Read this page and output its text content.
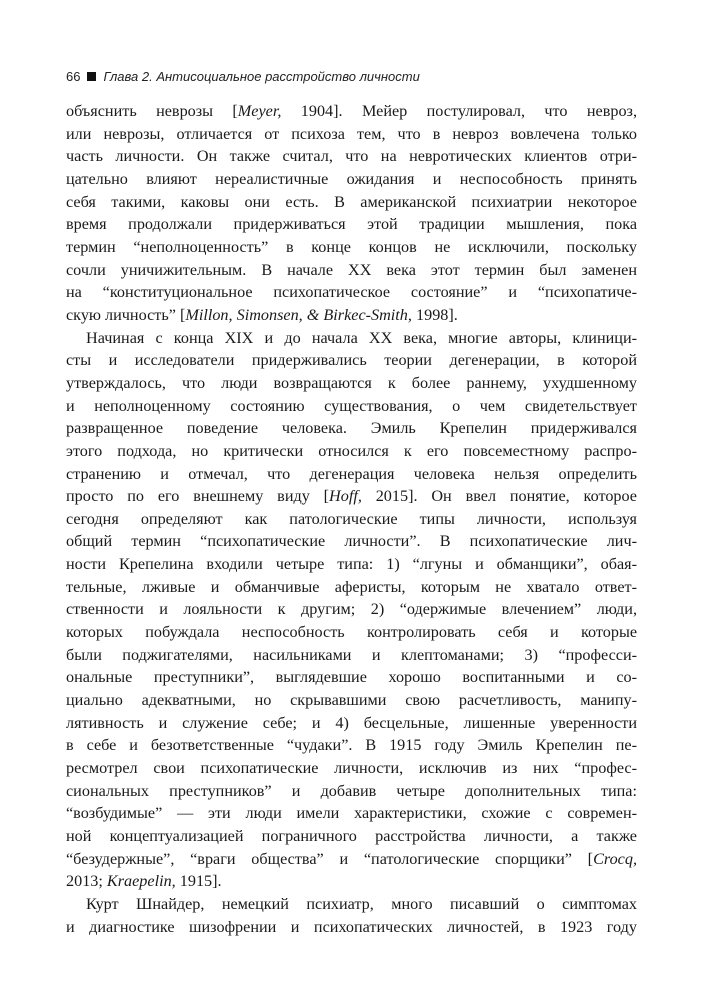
66 Глава 2. Антисоциальное расстройство личности
объяснить неврозы [Meyer, 1904]. Мейер постулировал, что невроз,
или неврозы, отличается от психоза тем, что в невроз вовлечена только
часть личности. Он также считал, что на невротических клиентов отри-
цательно влияют нереалистичные ожидания и неспособность принять
себя такими, каковы они есть. В американской психиатрии некоторое
время продолжали придерживаться этой традиции мышления, пока
термин “неполноценность” в конце концов не исключили, поскольку
сочли уничижительным. В начале XX века этот термин был заменен
на “конституциональное психопатическое состояние” и “психопатиче-
скую личность” [Millon, Simonsen, & Birkec-Smith, 1998].
Начиная с конца XIX и до начала XX века, многие авторы, клиници-
сты и исследователи придерживались теории дегенерации, в которой
утверждалось, что люди возвращаются к более раннему, ухудшенному
и неполноценному состоянию существования, о чем свидетельствует
развращенное поведение человека. Эмиль Крепелин придерживался
этого подхода, но критически относился к его повсеместному распро-
странению и отмечал, что дегенерация человека нельзя определить
просто по его внешнему виду [Hoff, 2015]. Он ввел понятие, которое
сегодня определяют как патологические типы личности, используя
общий термин “психопатические личности”. В психопатические лич-
ности Крепелина входили четыре типа: 1) “лгуны и обманщики”, обая-
тельные, лживые и обманчивые аферисты, которым не хватало ответ-
ственности и лояльности к другим; 2) “одержимые влечением” люди,
которых побуждала неспособность контролировать себя и которые
были поджигателями, насильниками и клептоманами; 3) “професси-
ональные преступники”, выглядевшие хорошо воспитанными и со-
циально адекватными, но скрывавшими свою расчетливость, манипу-
лятивность и служение себе; и 4) бесцельные, лишенные уверенности
в себе и безответственные “чудаки”. В 1915 году Эмиль Крепелин пе-
ресмотрел свои психопатические личности, исключив из них “профес-
сиональных преступников” и добавив четыре дополнительных типа:
“возбудимые” — эти люди имели характеристики, схожие с современ-
ной концептуализацией пограничного расстройства личности, а также
“безудержные”, “враги общества” и “патологические спорщики” [Crocq,
2013; Kraepelin, 1915].
Курт Шнайдер, немецкий психиатр, много писавший о симптомах
и диагностике шизофрении и психопатических личностей, в 1923 году
